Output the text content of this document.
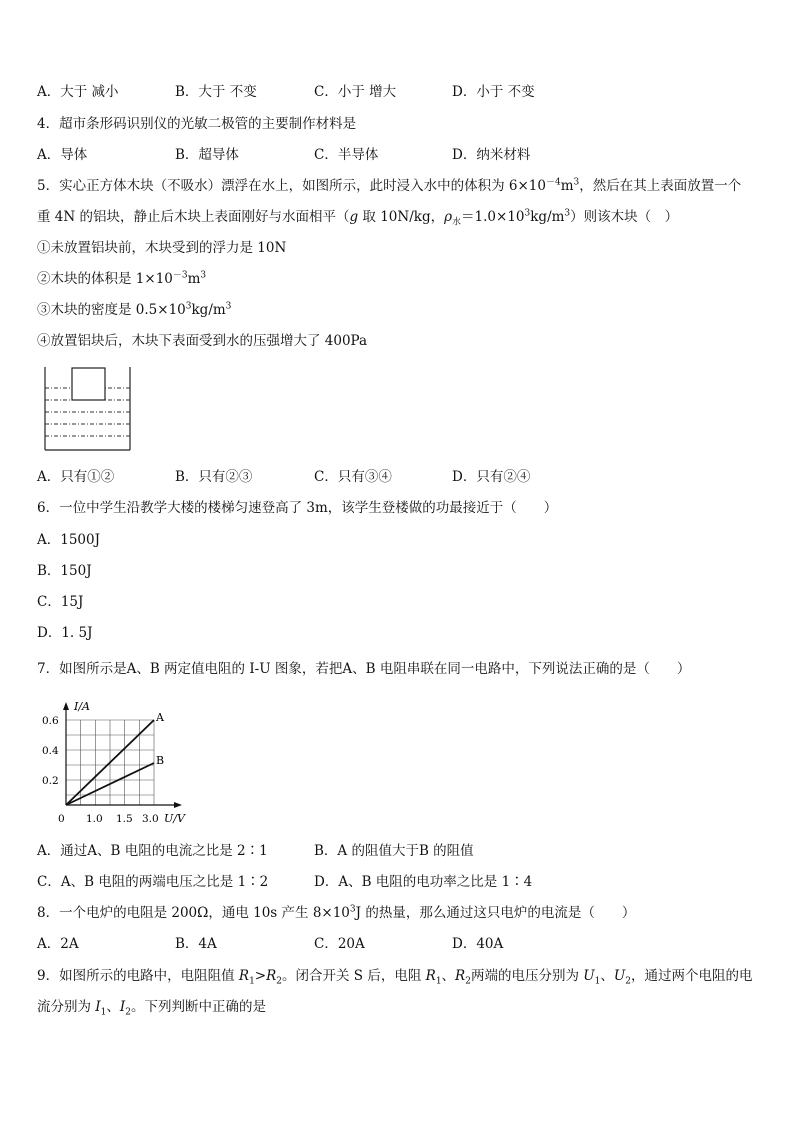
A．大于 减小	B．大于 不变	C．小于 增大	D．小于 不变
4．超市条形码识别仪的光敏二极管的主要制作材料是
A．导体	B．超导体	C．半导体	D．纳米材料
5．实心正方体木块（不吸水）漂浮在水上，如图所示，此时浸入水中的体积为 $6\times 10^{-4}m^3$，然后在其上表面放置一个
重 4N 的铝块，静止后木块上表面刚好与水面相平（g 取 10N/kg，$\rho_水=1.0\times 10^3kg/m^3$）则该木块（　）
①未放置铝块前，木块受到的浮力是 10N
②木块的体积是 $1\times 10^{-3}m^3$
③木块的密度是 $0.5\times 10^3kg/m^3$
④放置铝块后，木块下表面受到水的压强增大了 400Pa
A．只有①②	B．只有②③	C．只有③④	D．只有②④
6．一位中学生沿教学大楼的楼梯匀速登高了 3m，该学生登楼做的功最接近于（　　）
A．1500J
B．150J
C．15J
D．1. 5J
7．如图所示是A、B 两定值电阻的 I-U 图象，若把A、B 电阻串联在同一电路中，下列说法正确的是（　　）
I/A
U/V
0.6
0.4
0.2
0 1.0 1.5 3.0
A
B
A．通过A、B 电阻的电流之比是 2∶1	B．A 的阻值大于B 的阻值
C．A、B 电阻的两端电压之比是 1∶2	D．A、B 电阻的电功率之比是 1∶4
8．一个电炉的电阻是 200Ω，通电 10s 产生 $8\times 10^3J$ 的热量，那么通过这只电炉的电流是（　　）
A．2A	B．4A	C．20A	D．40A
9．如图所示的电路中，电阻阻值 $R_1>R_2$。闭合开关 S 后，电阻 $R_1$、$R_2$两端的电压分别为 $U_1$、$U_2$，通过两个电阻的电
流分别为 $I_1$、$I_2$。下列判断中正确的是
